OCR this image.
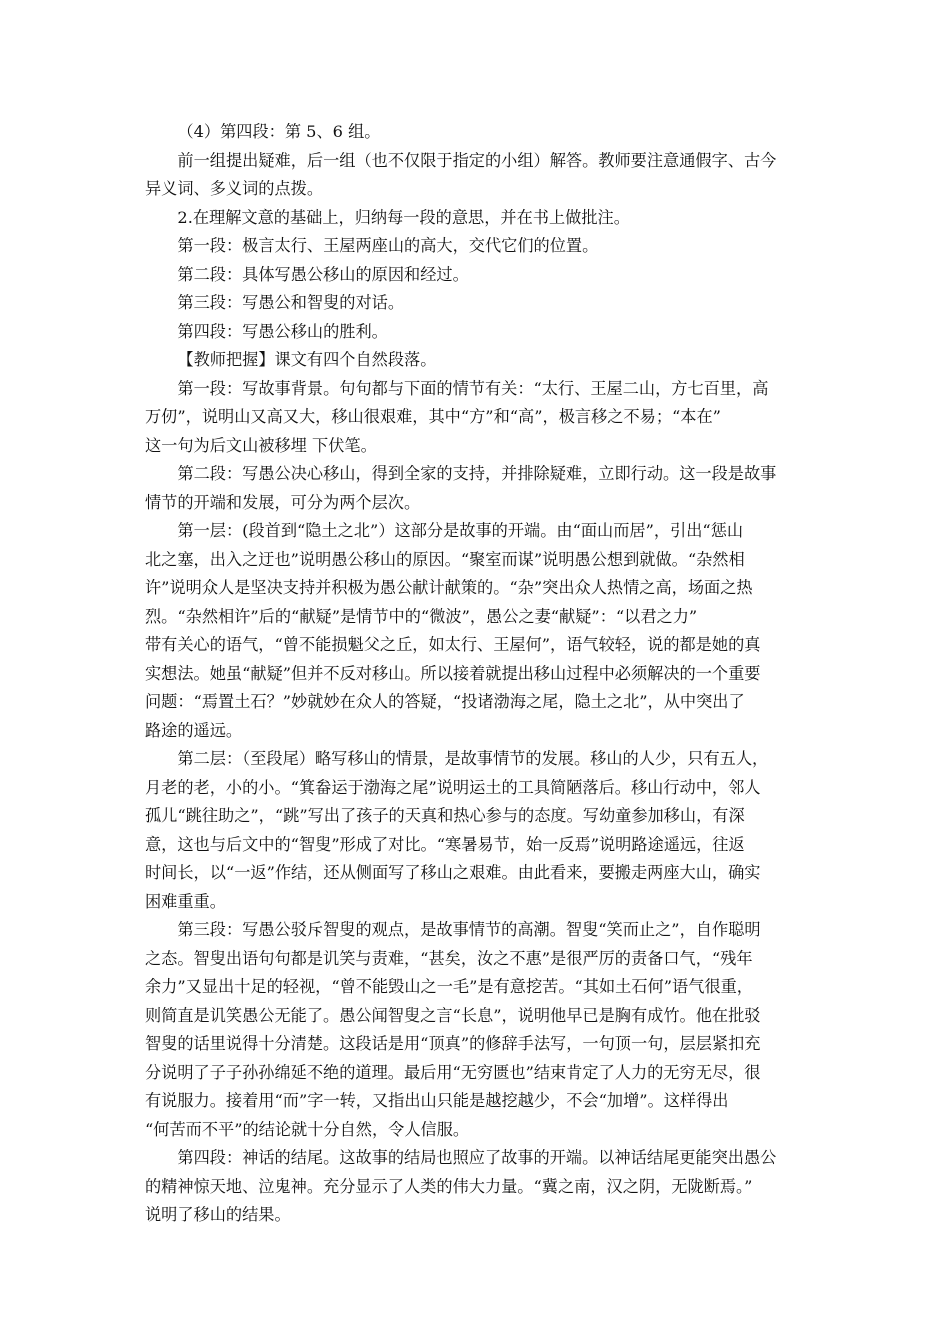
（4）第四段：第 5、6 组。

前一组提出疑难，后一组（也不仅限于指定的小组）解答。教师要注意通假字、古今
异义词、多义词的点拨。

2.在理解文意的基础上，归纳每一段的意思，并在书上做批注。

第一段：极言太行、王屋两座山的高大，交代它们的位置。

第二段：具体写愚公移山的原因和经过。

第三段：写愚公和智叟的对话。

第四段：写愚公移山的胜利。

【教师把握】课文有四个自然段落。

第一段：写故事背景。句句都与下面的情节有关：“太行、王屋二山，方七百里，高
万仞”，说明山又高又大，移山很艰难，其中“方”和“高”，极言移之不易；“本在”
这一句为后文山被移埋 下伏笔。

第二段：写愚公决心移山，得到全家的支持，并排除疑难，立即行动。这一段是故事
情节的开端和发展，可分为两个层次。

第一层：(段首到“隐土之北”）这部分是故事的开端。由“面山而居”，引出“惩山
北之塞，出入之迂也”说明愚公移山的原因。“聚室而谋”说明愚公想到就做。“杂然相
许”说明众人是坚决支持并积极为愚公献计献策的。“杂”突出众人热情之高，场面之热
烈。“杂然相许”后的“献疑”是情节中的“微波”，愚公之妻“献疑”：“以君之力”
带有关心的语气，“曾不能损魁父之丘，如太行、王屋何”，语气较轻，说的都是她的真
实想法。她虽“献疑”但并不反对移山。所以接着就提出移山过程中必须解决的一个重要
问题：“焉置土石？”妙就妙在众人的答疑，“投诸渤海之尾，隐土之北”，从中突出了
路途的遥远。

第二层：（至段尾）略写移山的情景，是故事情节的发展。移山的人少，只有五人，
月老的老，小的小。“箕畚运于渤海之尾”说明运土的工具简陋落后。移山行动中，邻人
孤儿“跳往助之”，“跳”写出了孩子的天真和热心参与的态度。写幼童参加移山，有深
意，这也与后文中的“智叟”形成了对比。“寒暑易节，始一反焉”说明路途遥远，往返
时间长，以“一返”作结，还从侧面写了移山之艰难。由此看来，要搬走两座大山，确实
困难重重。

第三段：写愚公驳斥智叟的观点，是故事情节的高潮。智叟“笑而止之”，自作聪明
之态。智叟出语句句都是讥笑与责难，“甚矣，汝之不惠”是很严厉的责备口气，“残年
余力”又显出十足的轻视，“曾不能毁山之一毛”是有意挖苦。“其如土石何”语气很重，
则简直是讥笑愚公无能了。愚公闻智叟之言“长息”，说明他早已是胸有成竹。他在批驳
智叟的话里说得十分清楚。这段话是用“顶真”的修辞手法写，一句顶一句，层层紧扣充
分说明了子子孙孙绵延不绝的道理。最后用“无穷匮也”结束肯定了人力的无穷无尽，很
有说服力。接着用“而”字一转，又指出山只能是越挖越少，不会“加增”。这样得出
“何苦而不平”的结论就十分自然，令人信服。

第四段：神话的结尾。这故事的结局也照应了故事的开端。以神话结尾更能突出愚公
的精神惊天地、泣鬼神。充分显示了人类的伟大力量。“冀之南，汉之阴，无陇断焉。”
说明了移山的结果。
